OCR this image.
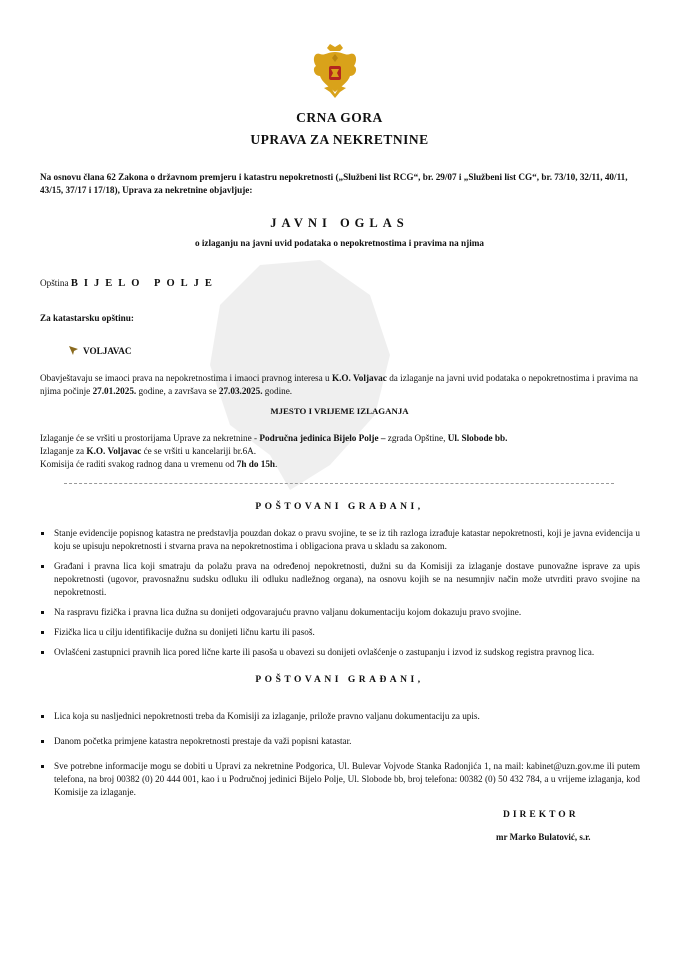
CRNA GORA
UPRAVA ZA NEKRETNINE
Na osnovu člana 62 Zakona o državnom premjeru i katastru nepokretnosti („Službeni list RCG“, br. 29/07 i „Službeni list CG“, br. 73/10, 32/11, 40/11, 43/15, 37/17 i 17/18), Uprava za nekretnine objavljuje:
JAVNI OGLAS
o izlaganju na javni uvid podataka o nepokretnostima i pravima na njima
Opština BIJELO POLJE
Za katastarsku opštinu:
VOLJAVAC
Obavještavaju se imaoci prava na nepokretnostima i imaoci pravnog interesa u K.O. Voljavac da izlaganje na javni uvid podataka o nepokretnostima i pravima na njima počinje 27.01.2025. godine, a završava se 27.03.2025. godine.
MJESTO I VRIJEME IZLAGANJA
Izlaganje će se vršiti u prostorijama Uprave za nekretnine - Područna jedinica Bijelo Polje – zgrada Opštine, Ul. Slobode bb.
Izlaganje za K.O. Voljavac će se vršiti u kancelariji br.6A.
Komisija će raditi svakog radnog dana u vremenu od 7h do 15h.
POŠTOVANI GRAĐANI,
Stanje evidencije popisnog katastra ne predstavlja pouzdan dokaz o pravu svojine, te se iz tih razloga izrađuje katastar nepokretnosti, koji je javna evidencija u koju se upisuju nepokretnosti i stvarna prava na nepokretnostima i obligaciona prava u skladu sa zakonom.
Građani i pravna lica koji smatraju da polažu prava na određenoj nepokretnosti, dužni su da Komisiji za izlaganje dostave punovažne isprave za upis nepokretnosti (ugovor, pravosnažnu sudsku odluku ili odluku nadležnog organa), na osnovu kojih se na nesumnjiv način može utvrditi pravo svojine na nepokretnosti.
Na raspravu fizička i pravna lica dužna su donijeti odgovarajuću pravno valjanu dokumentaciju kojom dokazuju pravo svojine.
Fizička lica u cilju identifikacije dužna su donijeti ličnu kartu ili pasoš.
Ovlašćeni zastupnici pravnih lica pored lične karte ili pasoša u obavezi su donijeti ovlašćenje o zastupanju i izvod iz sudskog registra pravnog lica.
POŠTOVANI GRAĐANI,
Lica koja su nasljednici nepokretnosti treba da Komisiji za izlaganje, prilože pravno valjanu dokumentaciju za upis.
Danom početka primjene katastra nepokretnosti prestaje da važi popisni katastar.
Sve potrebne informacije mogu se dobiti u Upravi za nekretnine Podgorica, Ul. Bulevar Vojvode Stanka Radonjića 1, na mail: kabinet@uzn.gov.me ili putem telefona, na broj 00382 (0) 20 444 001, kao i u Područnoj jedinici Bijelo Polje, Ul. Slobode bb, broj telefona: 00382 (0) 50 432 784, a u vrijeme izlaganja, kod Komisije za izlaganje.
DIREKTOR
mr Marko Bulatović, s.r.
